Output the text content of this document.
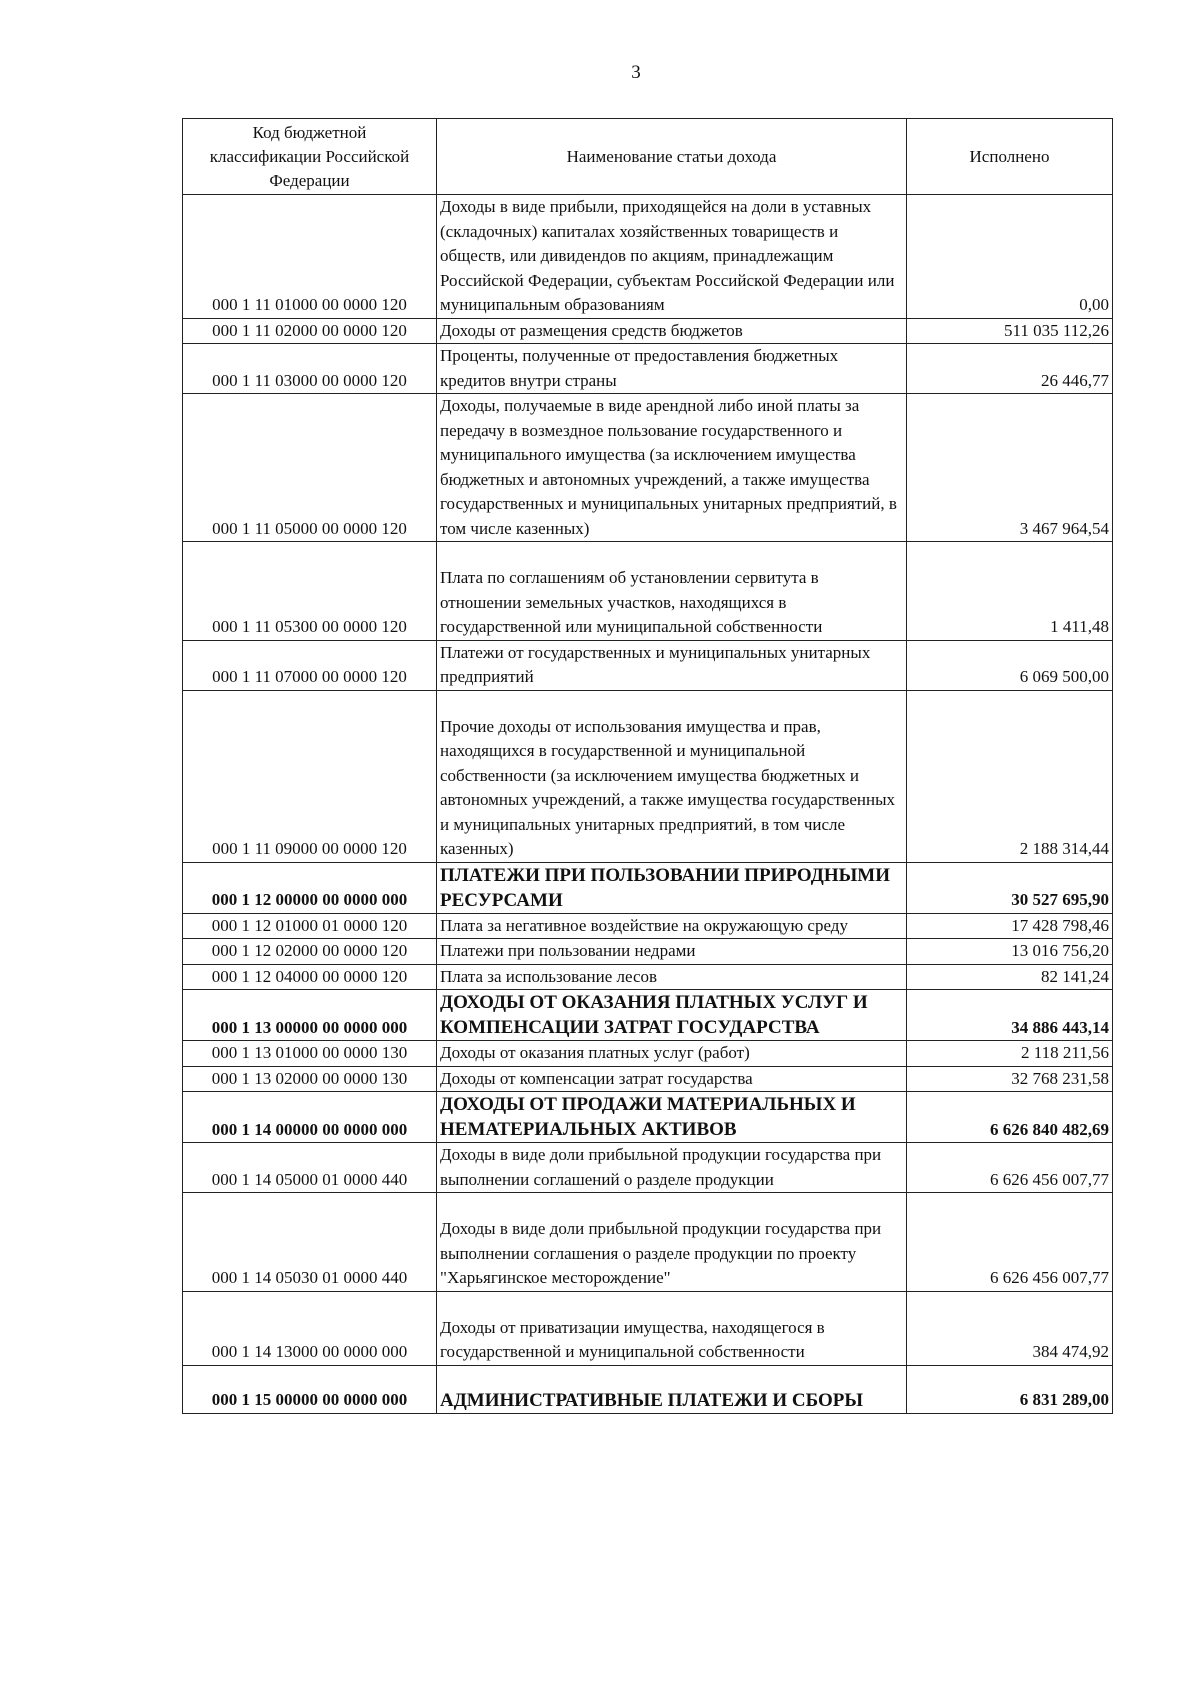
3
Код бюджетной классификации Российской Федерации	Наименование статьи дохода	Исполнено
000 1 11 01000 00 0000 120	Доходы в виде прибыли, приходящейся на доли в уставных (складочных) капиталах хозяйственных товариществ и обществ, или дивидендов по акциям, принадлежащим Российской Федерации, субъектам Российской Федерации или муниципальным образованиям	0,00
000 1 11 02000 00 0000 120	Доходы от размещения средств бюджетов	511 035 112,26
000 1 11 03000 00 0000 120	Проценты, полученные от предоставления бюджетных кредитов внутри страны	26 446,77
000 1 11 05000 00 0000 120	Доходы, получаемые в виде арендной либо иной платы за передачу в возмездное пользование государственного и муниципального имущества (за исключением имущества бюджетных и автономных учреждений, а также имущества государственных и муниципальных унитарных предприятий, в том числе казенных)	3 467 964,54
000 1 11 05300 00 0000 120	Плата по соглашениям об установлении сервитута в отношении земельных участков, находящихся в государственной или муниципальной собственности	1 411,48
000 1 11 07000 00 0000 120	Платежи от государственных и муниципальных унитарных предприятий	6 069 500,00
000 1 11 09000 00 0000 120	Прочие доходы от использования имущества и прав, находящихся в государственной и муниципальной собственности (за исключением имущества бюджетных и автономных учреждений, а также имущества государственных и муниципальных унитарных предприятий, в том числе казенных)	2 188 314,44
000 1 12 00000 00 0000 000	ПЛАТЕЖИ ПРИ ПОЛЬЗОВАНИИ ПРИРОДНЫМИ РЕСУРСАМИ	30 527 695,90
000 1 12 01000 01 0000 120	Плата за негативное воздействие на окружающую среду	17 428 798,46
000 1 12 02000 00 0000 120	Платежи при пользовании недрами	13 016 756,20
000 1 12 04000 00 0000 120	Плата за использование лесов	82 141,24
000 1 13 00000 00 0000 000	ДОХОДЫ ОТ ОКАЗАНИЯ ПЛАТНЫХ УСЛУГ И КОМПЕНСАЦИИ ЗАТРАТ ГОСУДАРСТВА	34 886 443,14
000 1 13 01000 00 0000 130	Доходы от оказания платных услуг (работ)	2 118 211,56
000 1 13 02000 00 0000 130	Доходы от компенсации затрат государства	32 768 231,58
000 1 14 00000 00 0000 000	ДОХОДЫ ОТ ПРОДАЖИ МАТЕРИАЛЬНЫХ И НЕМАТЕРИАЛЬНЫХ АКТИВОВ	6 626 840 482,69
000 1 14 05000 01 0000 440	Доходы в виде доли прибыльной продукции государства при выполнении соглашений о разделе продукции	6 626 456 007,77
000 1 14 05030 01 0000 440	Доходы в виде доли прибыльной продукции государства при выполнении соглашения о разделе продукции по проекту "Харьягинское месторождение"	6 626 456 007,77
000 1 14 13000 00 0000 000	Доходы от приватизации имущества, находящегося в государственной и муниципальной собственности	384 474,92
000 1 15 00000 00 0000 000	АДМИНИСТРАТИВНЫЕ ПЛАТЕЖИ И СБОРЫ	6 831 289,00
